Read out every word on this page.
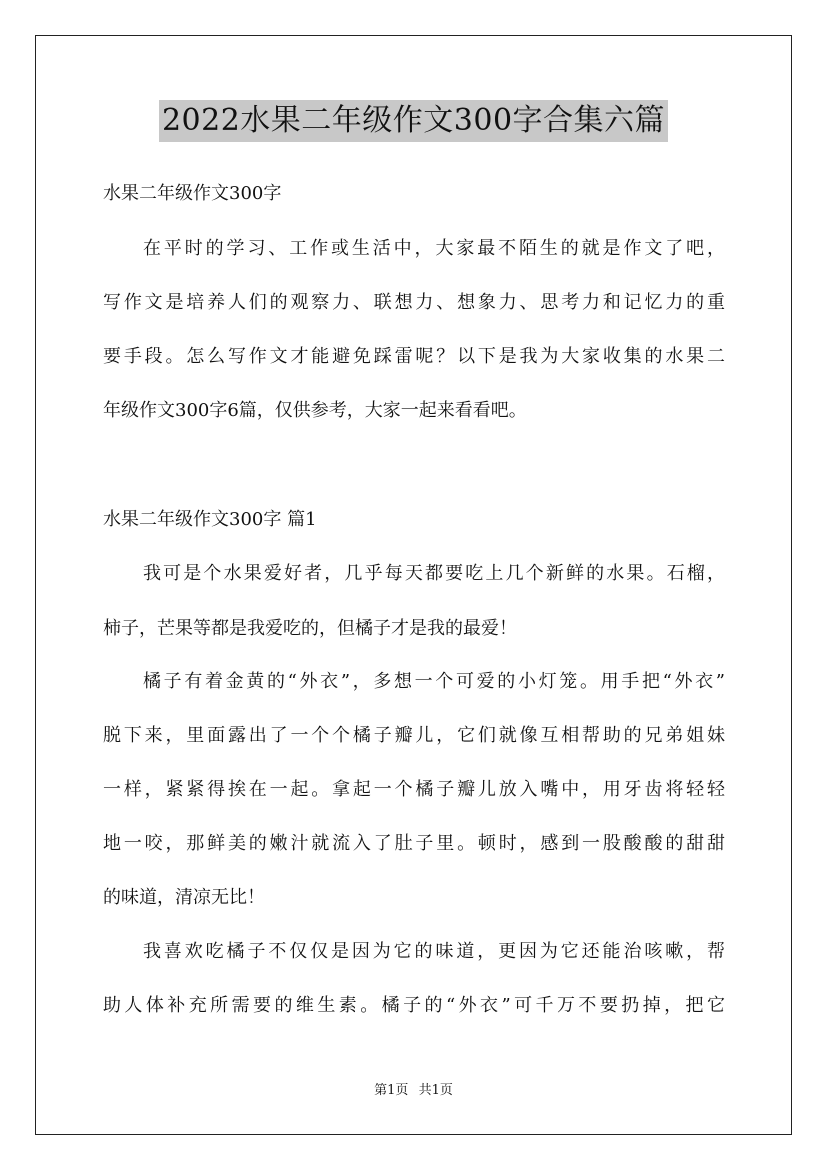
2022水果二年级作文300字合集六篇

水果二年级作文300字

在平时的学习、工作或生活中，大家最不陌生的就是作文了吧，

写作文是培养人们的观察力、联想力、想象力、思考力和记忆力的重

要手段。怎么写作文才能避免踩雷呢？以下是我为大家收集的水果二

年级作文300字6篇，仅供参考，大家一起来看看吧。

水果二年级作文300字 篇1

我可是个水果爱好者，几乎每天都要吃上几个新鲜的水果。石榴，

柿子，芒果等都是我爱吃的，但橘子才是我的最爱！

橘子有着金黄的“外衣”，多想一个可爱的小灯笼。用手把“外衣”

脱下来，里面露出了一个个橘子瓣儿，它们就像互相帮助的兄弟姐妹

一样，紧紧得挨在一起。拿起一个橘子瓣儿放入嘴中，用牙齿将轻轻

地一咬，那鲜美的嫩汁就流入了肚子里。顿时，感到一股酸酸的甜甜

的味道，清凉无比！

我喜欢吃橘子不仅仅是因为它的味道，更因为它还能治咳嗽，帮

助人体补充所需要的维生素。橘子的“外衣”可千万不要扔掉，把它

第1页 共1页
